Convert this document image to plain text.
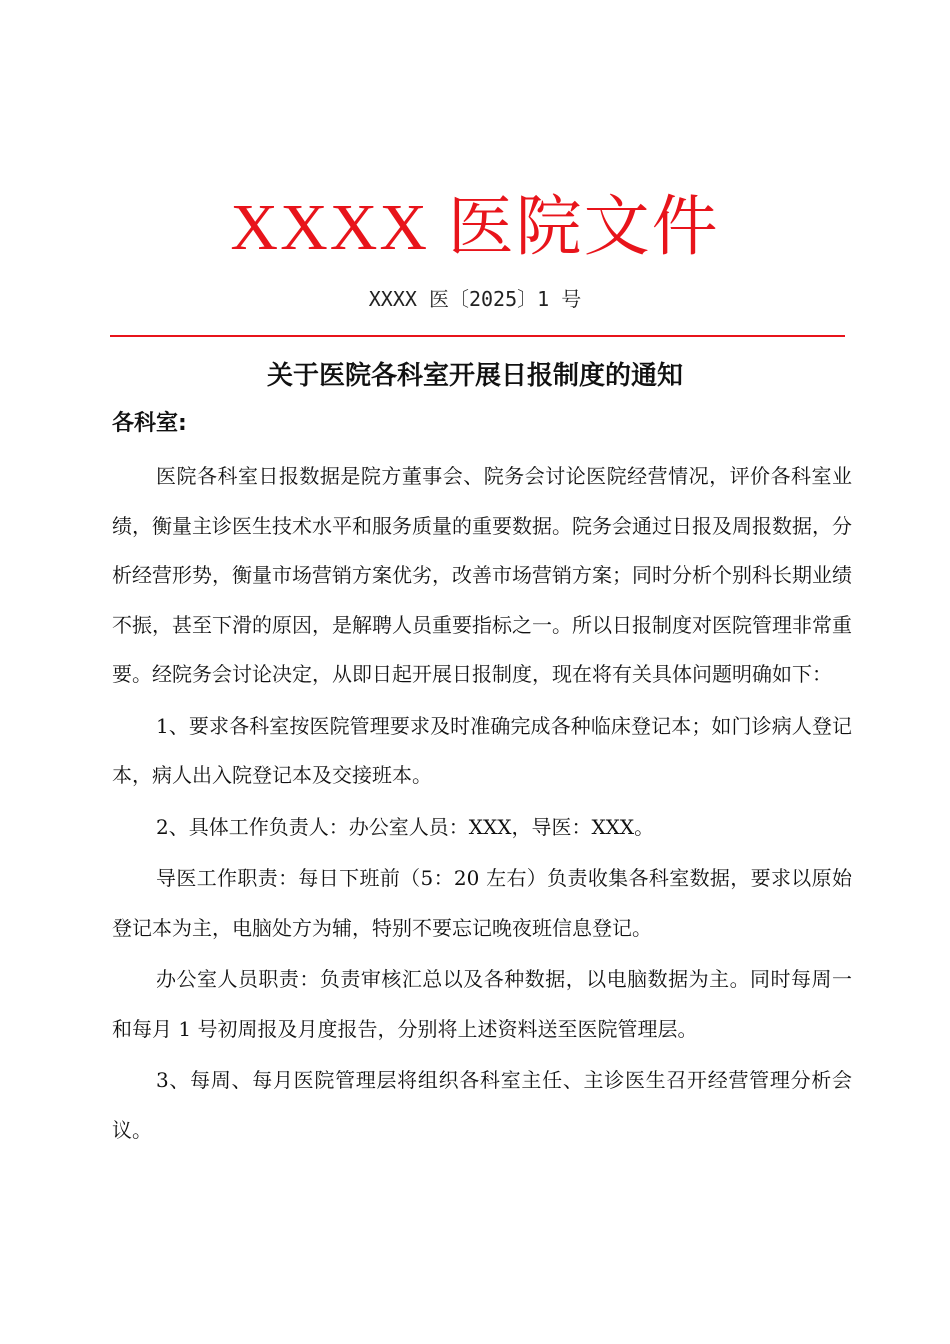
XXXX 医院文件
XXXX 医〔2025〕1 号
关于医院各科室开展日报制度的通知
各科室:

医院各科室日报数据是院方董事会、院务会讨论医院经营情况，评价各科室业绩，衡量主诊医生技术水平和服务质量的重要数据。院务会通过日报及周报数据，分析经营形势，衡量市场营销方案优劣，改善市场营销方案；同时分析个别科长期业绩不振，甚至下滑的原因，是解聘人员重要指标之一。所以日报制度对医院管理非常重要。经院务会讨论决定，从即日起开展日报制度，现在将有关具体问题明确如下：

1、要求各科室按医院管理要求及时准确完成各种临床登记本；如门诊病人登记本，病人出入院登记本及交接班本。

2、具体工作负责人：办公室人员：XXX，导医：XXX。

导医工作职责：每日下班前（5：20 左右）负责收集各科室数据，要求以原始登记本为主，电脑处方为辅，特别不要忘记晚夜班信息登记。

办公室人员职责：负责审核汇总以及各种数据，以电脑数据为主。同时每周一和每月 1 号初周报及月度报告，分别将上述资料送至医院管理层。

3、每周、每月医院管理层将组织各科室主任、主诊医生召开经营管理分析会议。
